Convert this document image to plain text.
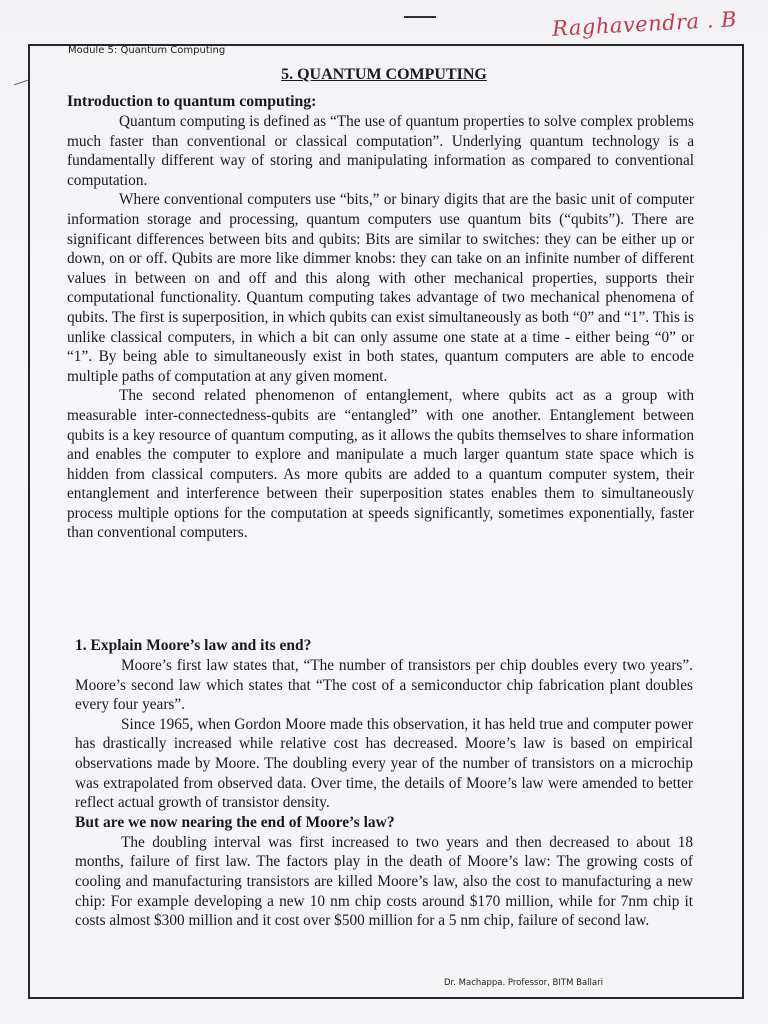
Raghavendra . B
Module 5: Quantum Computing
5. QUANTUM COMPUTING
Introduction to quantum computing:

Quantum computing is defined as “The use of quantum properties to solve complex problems much faster than conventional or classical computation”. Underlying quantum technology is a fundamentally different way of storing and manipulating information as compared to conventional computation.

Where conventional computers use “bits,” or binary digits that are the basic unit of computer information storage and processing, quantum computers use quantum bits (“qubits”). There are significant differences between bits and qubits: Bits are similar to switches: they can be either up or down, on or off. Qubits are more like dimmer knobs: they can take on an infinite number of different values in between on and off and this along with other mechanical properties, supports their computational functionality. Quantum computing takes advantage of two mechanical phenomena of qubits. The first is superposition, in which qubits can exist simultaneously as both “0” and “1”. This is unlike classical computers, in which a bit can only assume one state at a time - either being “0” or “1”. By being able to simultaneously exist in both states, quantum computers are able to encode multiple paths of computation at any given moment.

The second related phenomenon of entanglement, where qubits act as a group with measurable inter-connectedness-qubits are “entangled” with one another. Entanglement between qubits is a key resource of quantum computing, as it allows the qubits themselves to share information and enables the computer to explore and manipulate a much larger quantum state space which is hidden from classical computers. As more qubits are added to a quantum computer system, their entanglement and interference between their superposition states enables them to simultaneously process multiple options for the computation at speeds significantly, sometimes exponentially, faster than conventional computers.

1. Explain Moore’s law and its end?

Moore’s first law states that, “The number of transistors per chip doubles every two years”. Moore’s second law which states that “The cost of a semiconductor chip fabrication plant doubles every four years”.

Since 1965, when Gordon Moore made this observation, it has held true and computer power has drastically increased while relative cost has decreased. Moore’s law is based on empirical observations made by Moore. The doubling every year of the number of transistors on a microchip was extrapolated from observed data. Over time, the details of Moore’s law were amended to better reflect actual growth of transistor density.

But are we now nearing the end of Moore’s law?

The doubling interval was first increased to two years and then decreased to about 18 months, failure of first law. The factors play in the death of Moore’s law: The growing costs of cooling and manufacturing transistors are killed Moore’s law, also the cost to manufacturing a new chip: For example developing a new 10 nm chip costs around $170 million, while for 7nm chip it costs almost $300 million and it cost over $500 million for a 5 nm chip, failure of second law.

Dr. Machappa. Professor, BITM Ballari
